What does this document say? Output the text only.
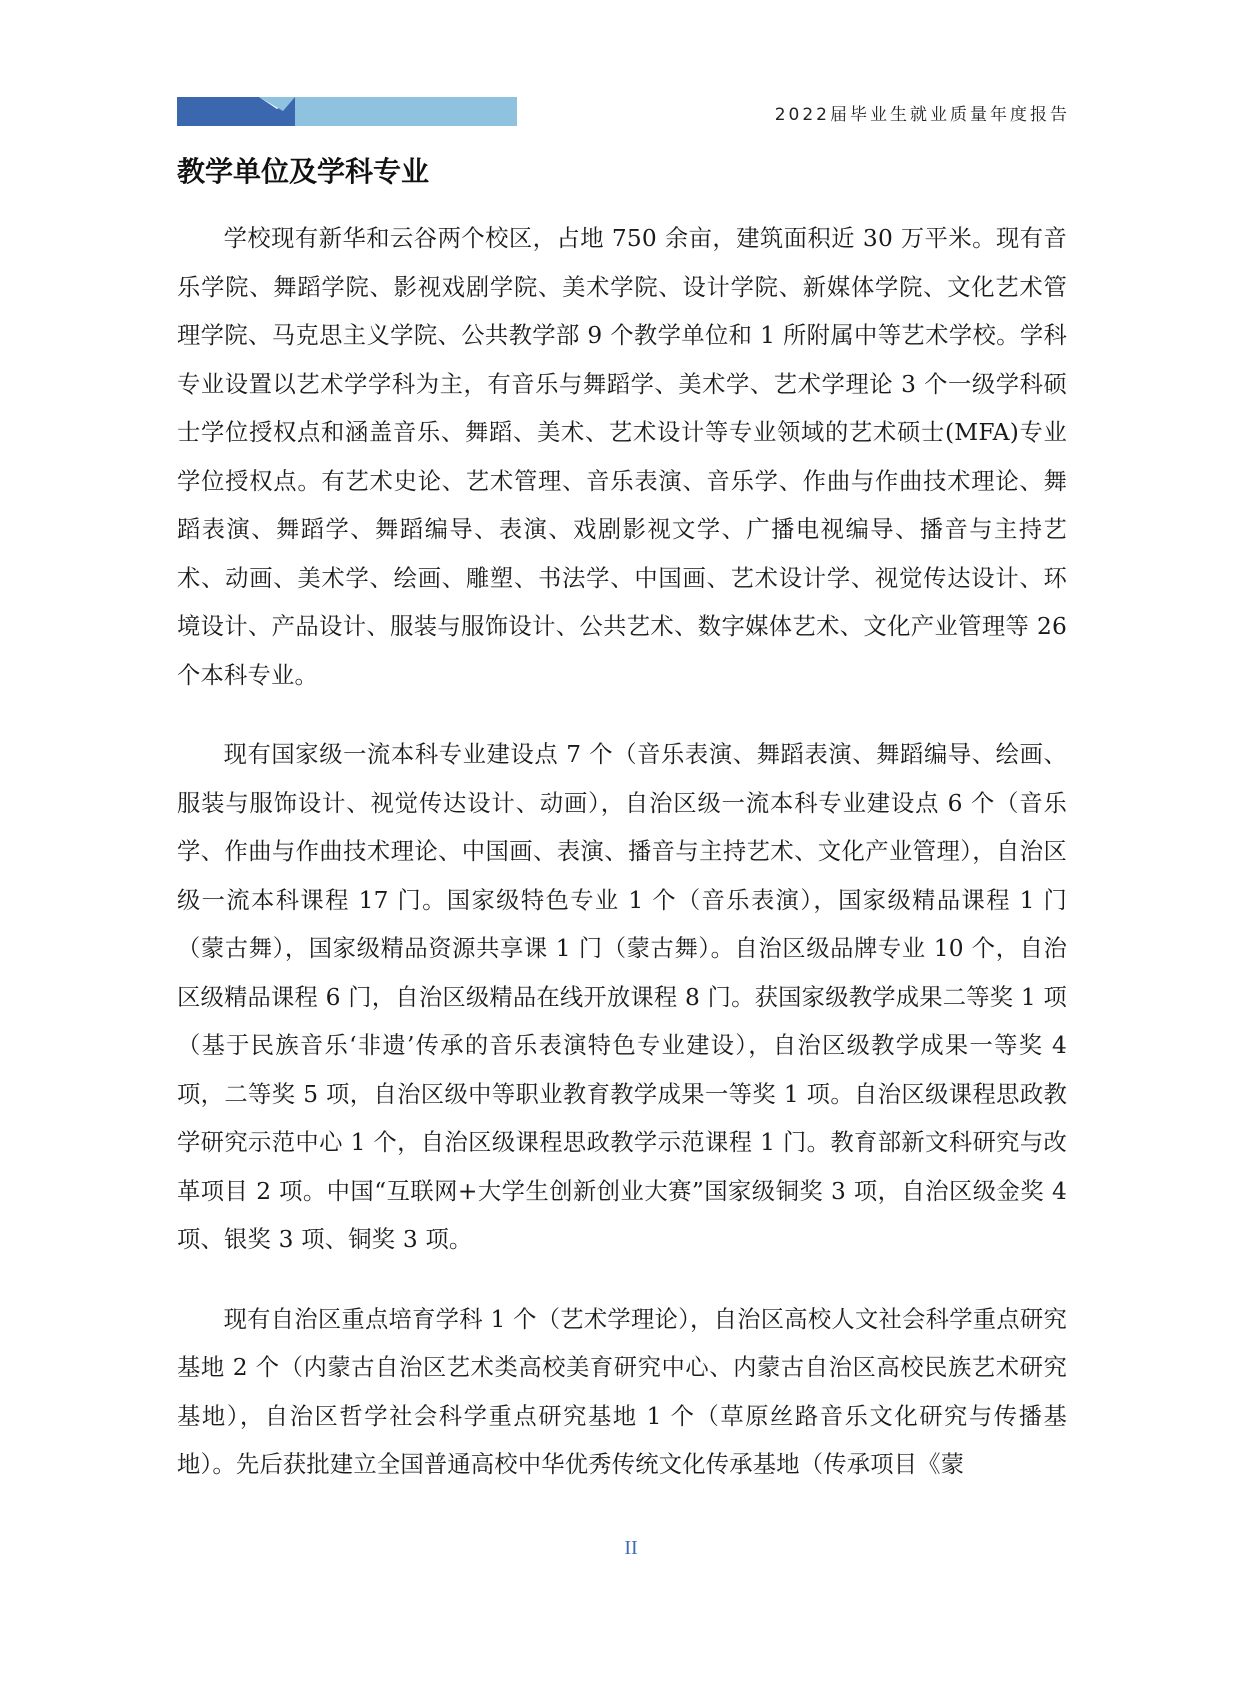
2022届毕业生就业质量年度报告
教学单位及学科专业

学校现有新华和云谷两个校区，占地 750 余亩，建筑面积近 30 万平米。现有音乐学院、舞蹈学院、影视戏剧学院、美术学院、设计学院、新媒体学院、文化艺术管理学院、马克思主义学院、公共教学部 9 个教学单位和 1 所附属中等艺术学校。学科专业设置以艺术学学科为主，有音乐与舞蹈学、美术学、艺术学理论 3 个一级学科硕士学位授权点和涵盖音乐、舞蹈、美术、艺术设计等专业领域的艺术硕士(MFA)专业学位授权点。有艺术史论、艺术管理、音乐表演、音乐学、作曲与作曲技术理论、舞蹈表演、舞蹈学、舞蹈编导、表演、戏剧影视文学、广播电视编导、播音与主持艺术、动画、美术学、绘画、雕塑、书法学、中国画、艺术设计学、视觉传达设计、环境设计、产品设计、服装与服饰设计、公共艺术、数字媒体艺术、文化产业管理等 26 个本科专业。

现有国家级一流本科专业建设点 7 个（音乐表演、舞蹈表演、舞蹈编导、绘画、服装与服饰设计、视觉传达设计、动画），自治区级一流本科专业建设点 6 个（音乐学、作曲与作曲技术理论、中国画、表演、播音与主持艺术、文化产业管理），自治区级一流本科课程 17 门。国家级特色专业 1 个（音乐表演），国家级精品课程 1 门（蒙古舞），国家级精品资源共享课 1 门（蒙古舞）。自治区级品牌专业 10 个，自治区级精品课程 6 门，自治区级精品在线开放课程 8 门。获国家级教学成果二等奖 1 项（基于民族音乐‘非遗’传承的音乐表演特色专业建设），自治区级教学成果一等奖 4 项，二等奖 5 项，自治区级中等职业教育教学成果一等奖 1 项。自治区级课程思政教学研究示范中心 1 个，自治区级课程思政教学示范课程 1 门。教育部新文科研究与改革项目 2 项。中国“互联网+大学生创新创业大赛”国家级铜奖 3 项，自治区级金奖 4 项、银奖 3 项、铜奖 3 项。

现有自治区重点培育学科 1 个（艺术学理论），自治区高校人文社会科学重点研究基地 2 个（内蒙古自治区艺术类高校美育研究中心、内蒙古自治区高校民族艺术研究基地），自治区哲学社会科学重点研究基地 1 个（草原丝路音乐文化研究与传播基地）。先后获批建立全国普通高校中华优秀传统文化传承基地（传承项目《蒙

II
